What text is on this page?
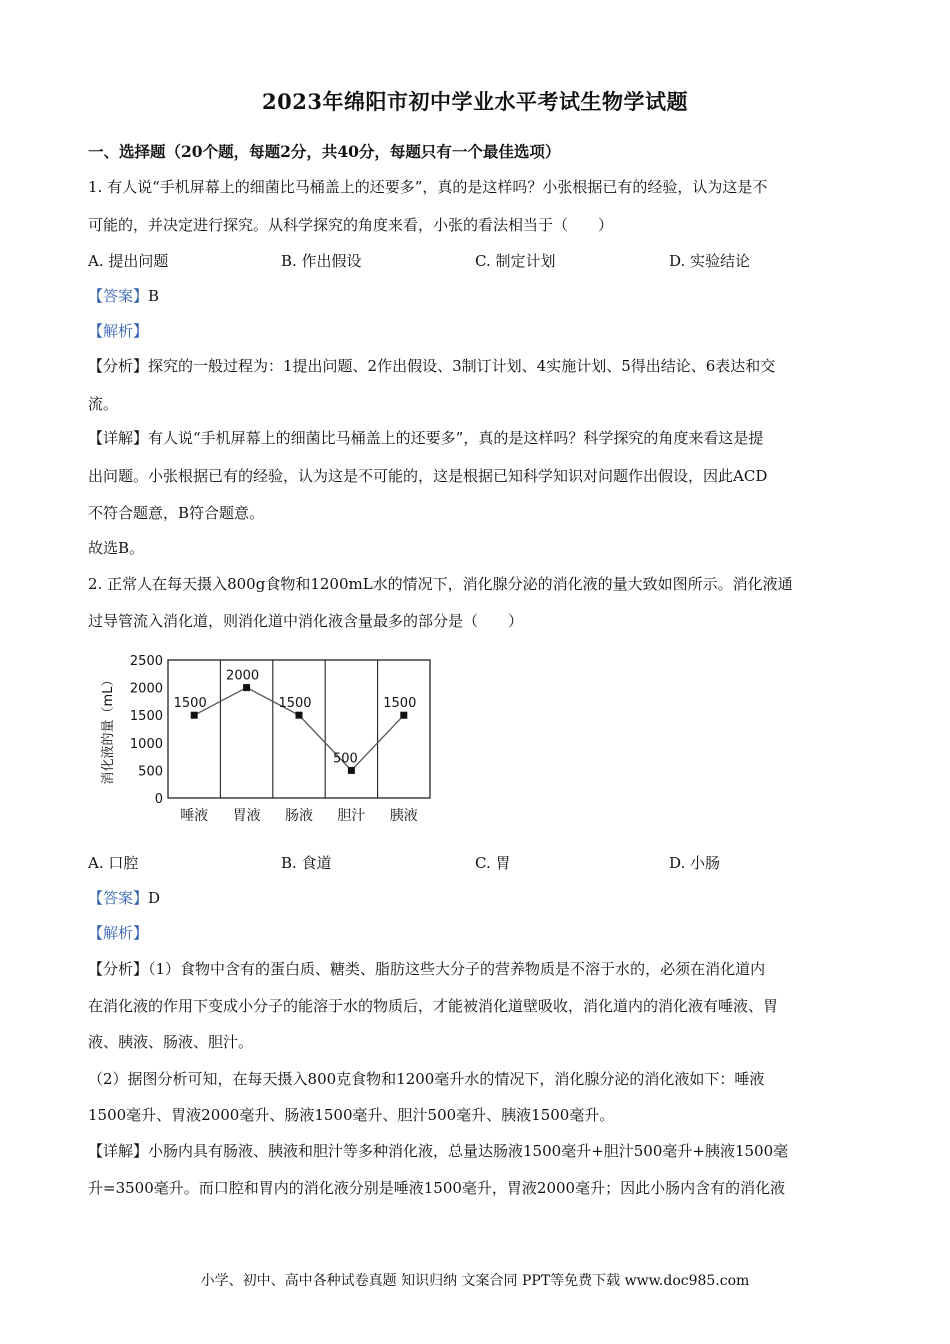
2023年绵阳市初中学业水平考试生物学试题
一、选择题（20个题，每题2分，共40分，每题只有一个最佳选项）
1. 有人说“手机屏幕上的细菌比马桶盖上的还要多”，真的是这样吗？小张根据已有的经验，认为这是不
可能的，并决定进行探究。从科学探究的角度来看，小张的看法相当于（　　）
A. 提出问题	B. 作出假设	C. 制定计划	D. 实验结论
【答案】B
【解析】
【分析】探究的一般过程为：1提出问题、2作出假设、3制订计划、4实施计划、5得出结论、6表达和交
流。
【详解】有人说“手机屏幕上的细菌比马桶盖上的还要多”，真的是这样吗？科学探究的角度来看这是提
出问题。小张根据已有的经验，认为这是不可能的，这是根据已知科学知识对问题作出假设，因此ACD
不符合题意，B符合题意。
故选B。
2. 正常人在每天摄入800g食物和1200mL水的情况下，消化腺分泌的消化液的量大致如图所示。消化液通
过导管流入消化道，则消化道中消化液含量最多的部分是（　　）
2500
2000
1500
1000
500
0
消化液的量（mL）	1500
2000
1500
500
1500
唾液 胃液 肠液 胆汁 胰液
A. 口腔	B. 食道	C. 胃	D. 小肠
【答案】D
【解析】
【分析】（1）食物中含有的蛋白质、糖类、脂肪这些大分子的营养物质是不溶于水的，必须在消化道内
在消化液的作用下变成小分子的能溶于水的物质后，才能被消化道壁吸收，消化道内的消化液有唾液、胃
液、胰液、肠液、胆汁。
（2）据图分析可知，在每天摄入800克食物和1200毫升水的情况下，消化腺分泌的消化液如下：唾液
1500毫升、胃液2000毫升、肠液1500毫升、胆汁500毫升、胰液1500毫升。
【详解】小肠内具有肠液、胰液和胆汁等多种消化液，总量达肠液1500毫升+胆汁500毫升+胰液1500毫
升=3500毫升。而口腔和胃内的消化液分别是唾液1500毫升，胃液2000毫升；因此小肠内含有的消化液
小学、初中、高中各种试卷真题 知识归纳 文案合同 PPT等免费下载 www.doc985.com
